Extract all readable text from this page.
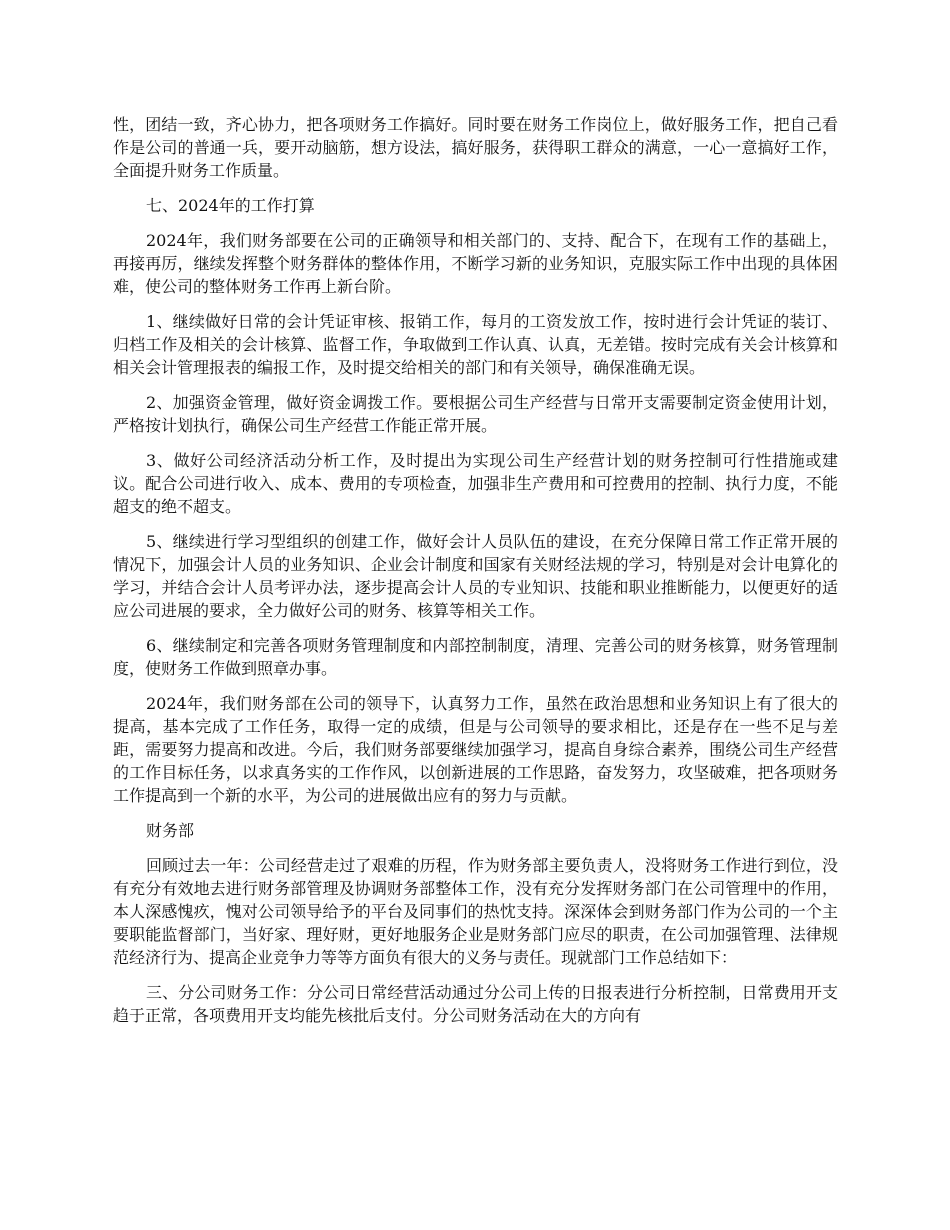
性，团结一致，齐心协力，把各项财务工作搞好。同时要在财务工作岗位上，做好服务工作，把自己看作是公司的普通一兵，要开动脑筋，想方设法，搞好服务，获得职工群众的满意，一心一意搞好工作，全面提升财务工作质量。

七、2024年的工作打算

2024年，我们财务部要在公司的正确领导和相关部门的、支持、配合下，在现有工作的基础上，再接再厉，继续发挥整个财务群体的整体作用，不断学习新的业务知识，克服实际工作中出现的具体困难，使公司的整体财务工作再上新台阶。

1、继续做好日常的会计凭证审核、报销工作，每月的工资发放工作，按时进行会计凭证的装订、归档工作及相关的会计核算、监督工作，争取做到工作认真、认真，无差错。按时完成有关会计核算和相关会计管理报表的编报工作，及时提交给相关的部门和有关领导，确保准确无误。

2、加强资金管理，做好资金调拨工作。要根据公司生产经营与日常开支需要制定资金使用计划，严格按计划执行，确保公司生产经营工作能正常开展。

3、做好公司经济活动分析工作，及时提出为实现公司生产经营计划的财务控制可行性措施或建议。配合公司进行收入、成本、费用的专项检查，加强非生产费用和可控费用的控制、执行力度，不能超支的绝不超支。

5、继续进行学习型组织的创建工作，做好会计人员队伍的建设，在充分保障日常工作正常开展的情况下，加强会计人员的业务知识、企业会计制度和国家有关财经法规的学习，特别是对会计电算化的学习，并结合会计人员考评办法，逐步提高会计人员的专业知识、技能和职业推断能力，以便更好的适应公司进展的要求，全力做好公司的财务、核算等相关工作。

6、继续制定和完善各项财务管理制度和内部控制制度，清理、完善公司的财务核算，财务管理制度，使财务工作做到照章办事。

2024年，我们财务部在公司的领导下，认真努力工作，虽然在政治思想和业务知识上有了很大的提高，基本完成了工作任务，取得一定的成绩，但是与公司领导的要求相比，还是存在一些不足与差距，需要努力提高和改进。今后，我们财务部要继续加强学习，提高自身综合素养，围绕公司生产经营的工作目标任务，以求真务实的工作作风，以创新进展的工作思路，奋发努力，攻坚破难，把各项财务工作提高到一个新的水平，为公司的进展做出应有的努力与贡献。

财务部

回顾过去一年：公司经营走过了艰难的历程，作为财务部主要负责人，没将财务工作进行到位，没有充分有效地去进行财务部管理及协调财务部整体工作，没有充分发挥财务部门在公司管理中的作用，本人深感愧疚，愧对公司领导给予的平台及同事们的热忱支持。深深体会到财务部门作为公司的一个主要职能监督部门，当好家、理好财，更好地服务企业是财务部门应尽的职责，在公司加强管理、法律规范经济行为、提高企业竞争力等等方面负有很大的义务与责任。现就部门工作总结如下：

三、分公司财务工作：分公司日常经营活动通过分公司上传的日报表进行分析控制，日常费用开支趋于正常，各项费用开支均能先核批后支付。分公司财务活动在大的方向有
